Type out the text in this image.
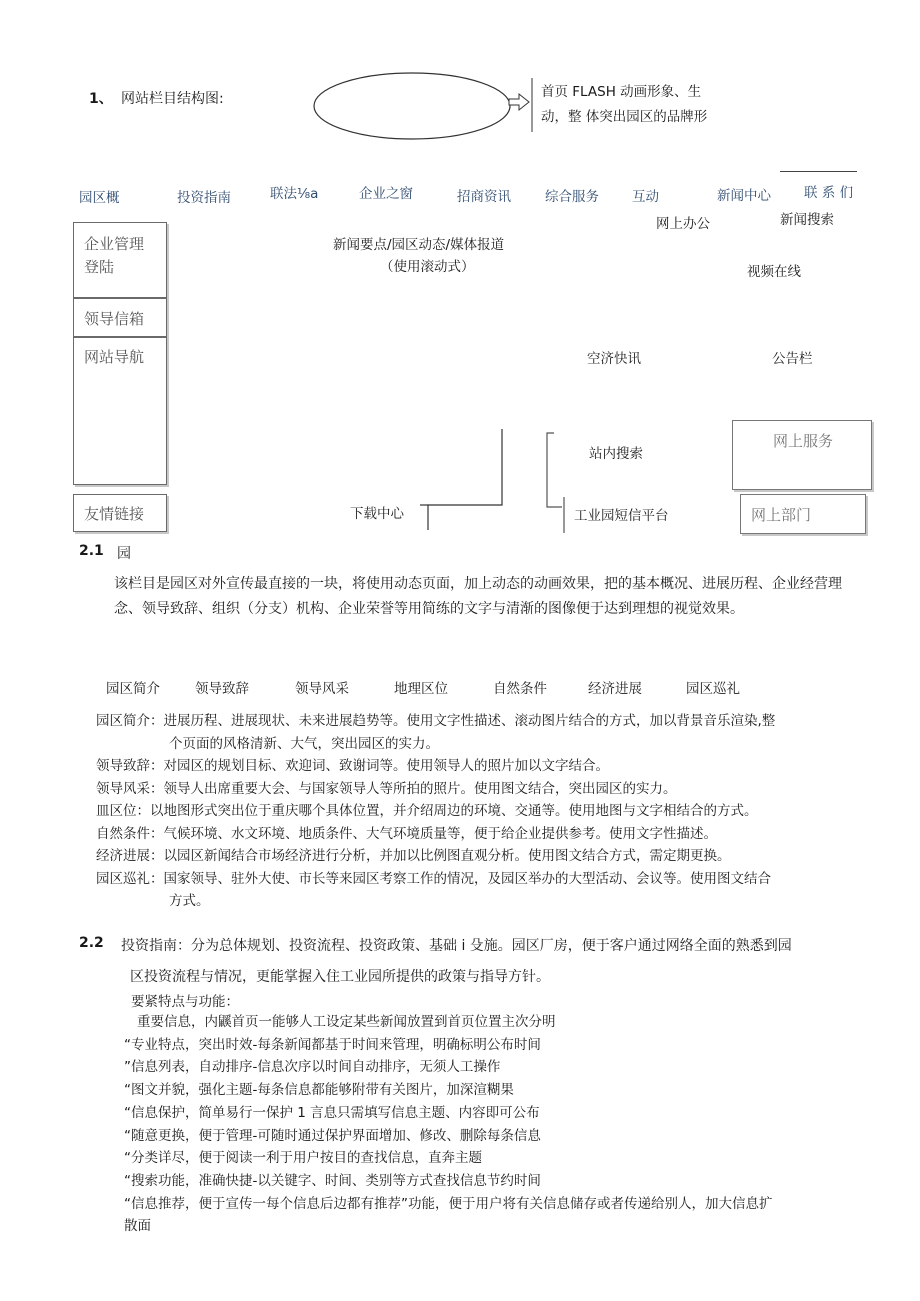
1、 网站栏目结构图:	首页 FLASH 动画形象、生
动，整 体突出园区的品牌形
园区概	投资指南	联法⅛a	企业之窗	招商资讯	综合服务 互动	新闻中心 联 系 们
网上办公	新闻搜索
新闻要点/园区动态/媒体报道
（使用滚动式）	视频在线
企业管理
登陆
领导信箱
网站导航
友情链接
空济快讯	公告栏
下载中心
站内搜索
工业园短信平台
网上服务
网上部门
2.1 园
该栏目是园区对外宣传最直接的一块，将使用动态页面，加上动态的动画效果，把的基本概况、进展历程、企业经营理念、领导致辞、组织（分支）机构、企业荣誉等用简练的文字与清渐的图像便于达到理想的视觉效果。
园区简介	领导致辞	领导风采	地理区位	自然条件	经济进展	园区巡礼
园区简介：进展历程、进展现状、未来进展趋势等。使用文字性描述、滚动图片结合的方式，加以背景音乐渲染,整
个页面的风格清新、大气，突出园区的实力。
领导致辞：对园区的规划目标、欢迎词、致谢词等。使用领导人的照片加以文字结合。
领导风采：领导人出席重要大会、与国家领导人等所拍的照片。使用图文结合，突出园区的实力。
皿区位：以地图形式突出位于重庆哪个具体位置，并介绍周边的环境、交通等。使用地图与文字相结合的方式。
自然条件：气候环境、水文环境、地质条件、大气环境质量等，便于给企业提供参考。使用文字性描述。
经济进展：以园区新闻结合市场经济进行分析，并加以比例图直观分析。使用图文结合方式，需定期更换。
园区巡礼：国家领导、驻外大使、市长等来园区考察工作的情况，及园区举办的大型活动、会议等。使用图文结合
方式。
2.2 投资指南：分为总体规划、投资流程、投资政策、基础 i 殳施。园区厂房，便于客户通过网络全面的熟悉到园
区投资流程与情况，更能掌握入住工业园所提供的政策与指导方针。
要紧特点与功能：
重要信息，内鼷首页一能够人工设定某些新闻放置到首页位置主次分明
“专业特点，突出时效-每条新闻都基于时间来管理，明确标明公布时间
”信息列表，自动排序-信息次序以时间自动排序，无须人工操作
“图文并貌，强化主题-每条信息都能够附带有关图片，加深渲糊果
“信息保护，简单易行一保护 1 言息只需填写信息主题、内容即可公布
“随意更换，便于管理-可随时通过保护界面增加、修改、删除每条信息
“分类详尽，便于阅读一利于用户按目的查找信息，直奔主题
“搜索功能，准确快捷-以关键字、时间、类别等方式查找信息节约时间
“信息推荐，便于宣传一每个信息后边都有推荐”功能，便于用户将有关信息储存或者传递给别人，加大信息扩
散面
